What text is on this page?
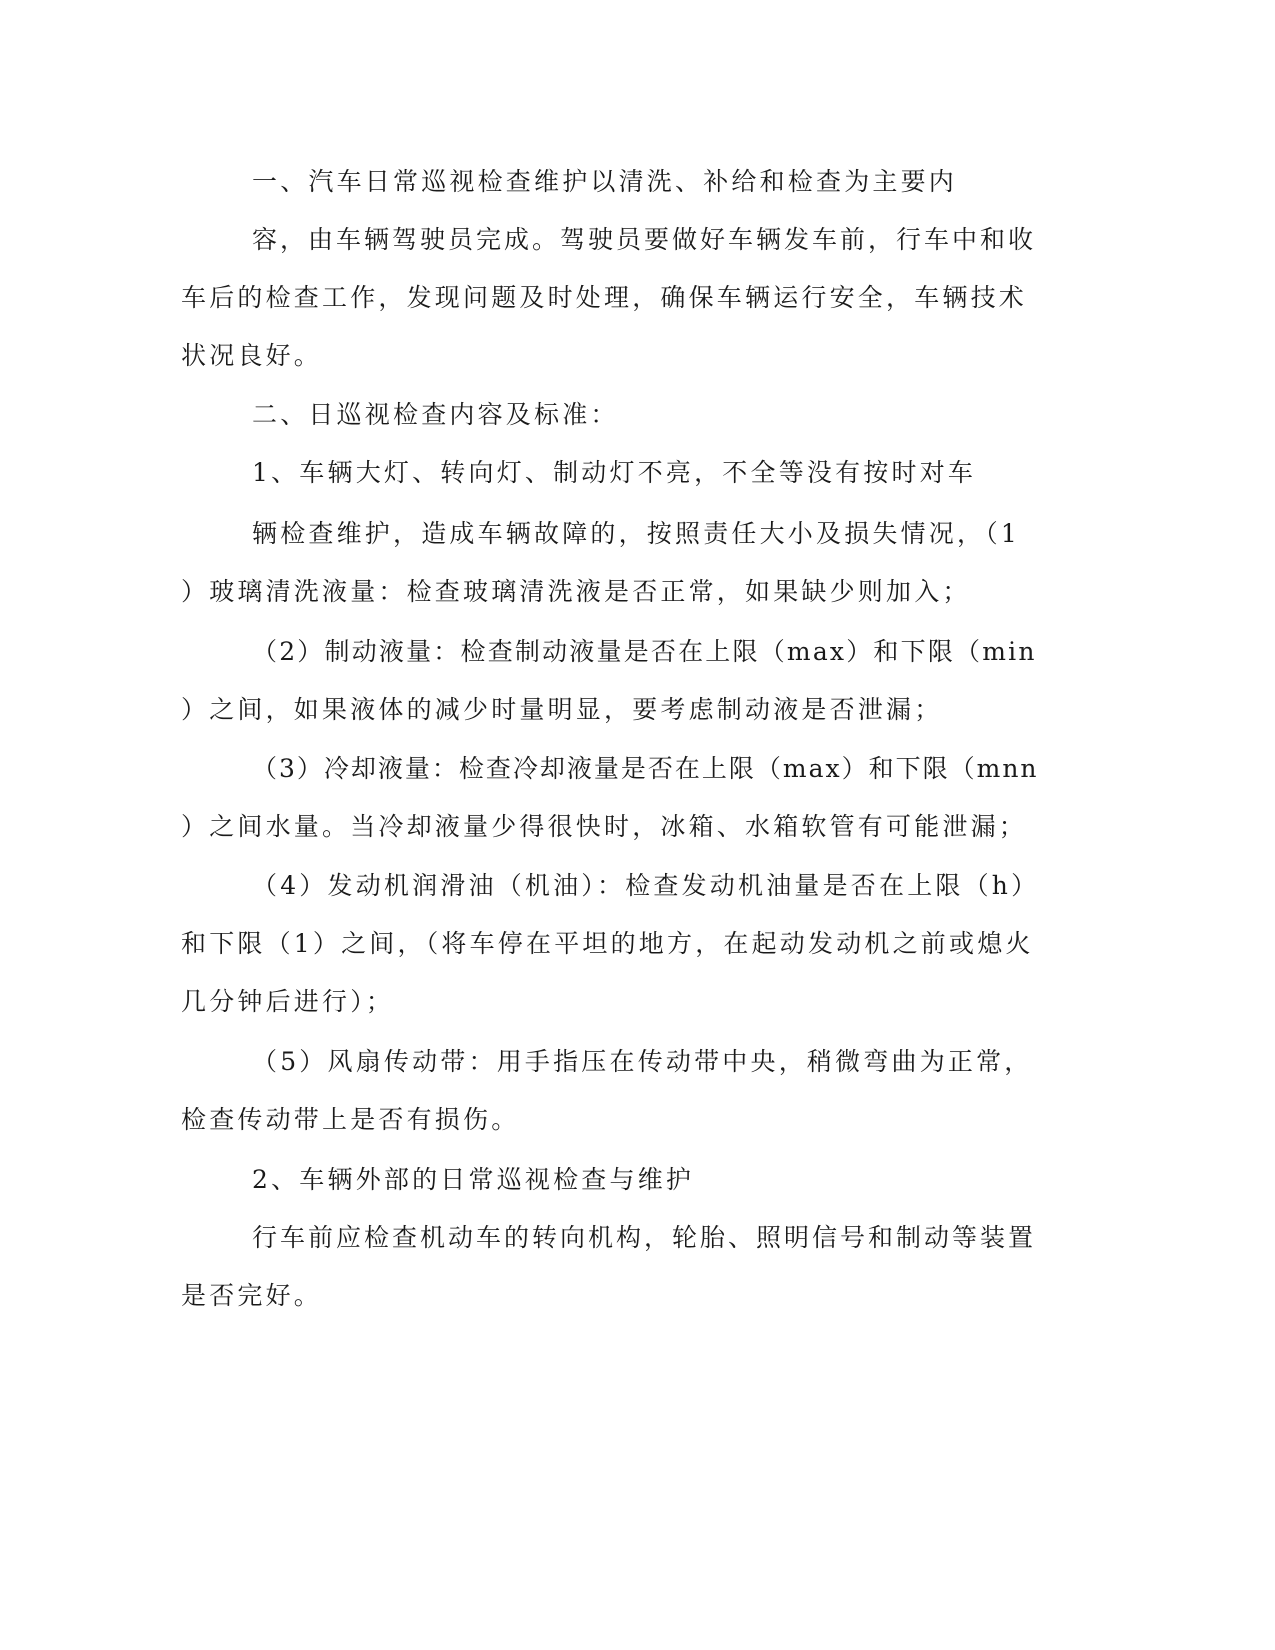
一、汽车日常巡视检查维护以清洗、补给和检查为主要内
容，由车辆驾驶员完成。驾驶员要做好车辆发车前，行车中和收
车后的检查工作，发现问题及时处理，确保车辆运行安全，车辆技术
状况良好。
二、日巡视检查内容及标准：
1、车辆大灯、转向灯、制动灯不亮，不全等没有按时对车
辆检查维护，造成车辆故障的，按照责任大小及损失情况，（1
）玻璃清洗液量：检查玻璃清洗液是否正常，如果缺少则加入；
（2）制动液量：检查制动液量是否在上限（max）和下限（min
）之间，如果液体的减少时量明显，要考虑制动液是否泄漏；
（3）冷却液量：检查冷却液量是否在上限（max）和下限（mnn
）之间水量。当冷却液量少得很快时，冰箱、水箱软管有可能泄漏；
（4）发动机润滑油（机油）：检查发动机油量是否在上限（h）
和下限（1）之间，（将车停在平坦的地方，在起动发动机之前或熄火
几分钟后进行）；
（5）风扇传动带：用手指压在传动带中央，稍微弯曲为正常，
检查传动带上是否有损伤。
2、车辆外部的日常巡视检查与维护
行车前应检查机动车的转向机构，轮胎、照明信号和制动等装置
是否完好。
